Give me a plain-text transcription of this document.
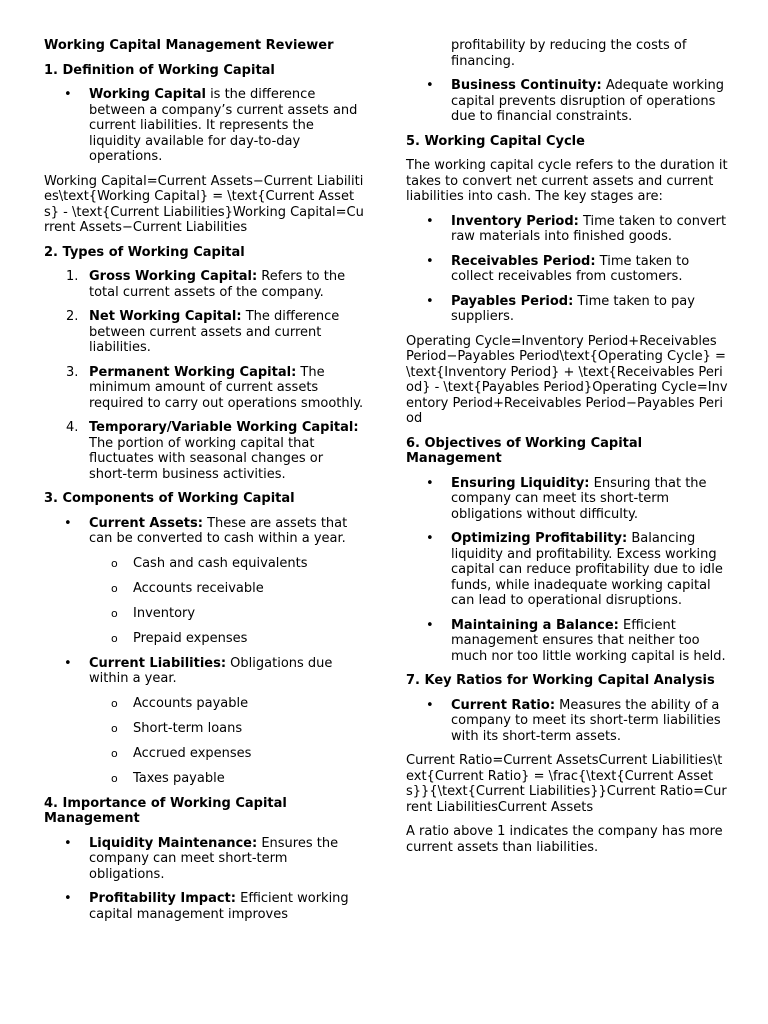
Working Capital Management Reviewer
1. Definition of Working Capital
•	Working Capital is the difference between a company’s current assets and current liabilities. It represents the liquidity available for day-to-day operations.
Working Capital=Current Assets−Current Liabilities\text{Working Capital} = \text{Current Assets} - \text{Current Liabilities}Working Capital=Current Assets−Current Liabilities
2. Types of Working Capital
1. Gross Working Capital: Refers to the total current assets of the company.
2. Net Working Capital: The difference between current assets and current liabilities.
3. Permanent Working Capital: The minimum amount of current assets required to carry out operations smoothly.
4. Temporary/Variable Working Capital: The portion of working capital that fluctuates with seasonal changes or short-term business activities.
3. Components of Working Capital
•	Current Assets: These are assets that can be converted to cash within a year.
o	Cash and cash equivalents
o	Accounts receivable
o	Inventory
o	Prepaid expenses
•	Current Liabilities: Obligations due within a year.
o	Accounts payable
o	Short-term loans
o	Accrued expenses
o	Taxes payable
4. Importance of Working Capital Management
•	Liquidity Maintenance: Ensures the company can meet short-term obligations.
•	Profitability Impact: Efficient working capital management improves
profitability by reducing the costs of financing.
•	Business Continuity: Adequate working capital prevents disruption of operations due to financial constraints.
5. Working Capital Cycle
The working capital cycle refers to the duration it takes to convert net current assets and current liabilities into cash. The key stages are:
•	Inventory Period: Time taken to convert raw materials into finished goods.
•	Receivables Period: Time taken to collect receivables from customers.
•	Payables Period: Time taken to pay suppliers.
Operating Cycle=Inventory Period+Receivables Period−Payables Period\text{Operating Cycle} = \text{Inventory Period} + \text{Receivables Period} - \text{Payables Period}Operating Cycle=Inventory Period+Receivables Period−Payables Period
6. Objectives of Working Capital Management
•	Ensuring Liquidity: Ensuring that the company can meet its short-term obligations without difficulty.
•	Optimizing Profitability: Balancing liquidity and profitability. Excess working capital can reduce profitability due to idle funds, while inadequate working capital can lead to operational disruptions.
•	Maintaining a Balance: Efficient management ensures that neither too much nor too little working capital is held.
7. Key Ratios for Working Capital Analysis
•	Current Ratio: Measures the ability of a company to meet its short-term liabilities with its short-term assets.
Current Ratio=Current AssetsCurrent Liabilities\text{Current Ratio} = \frac{\text{Current Assets}}{\text{Current Liabilities}}Current Ratio=Current LiabilitiesCurrent Assets
A ratio above 1 indicates the company has more current assets than liabilities.
